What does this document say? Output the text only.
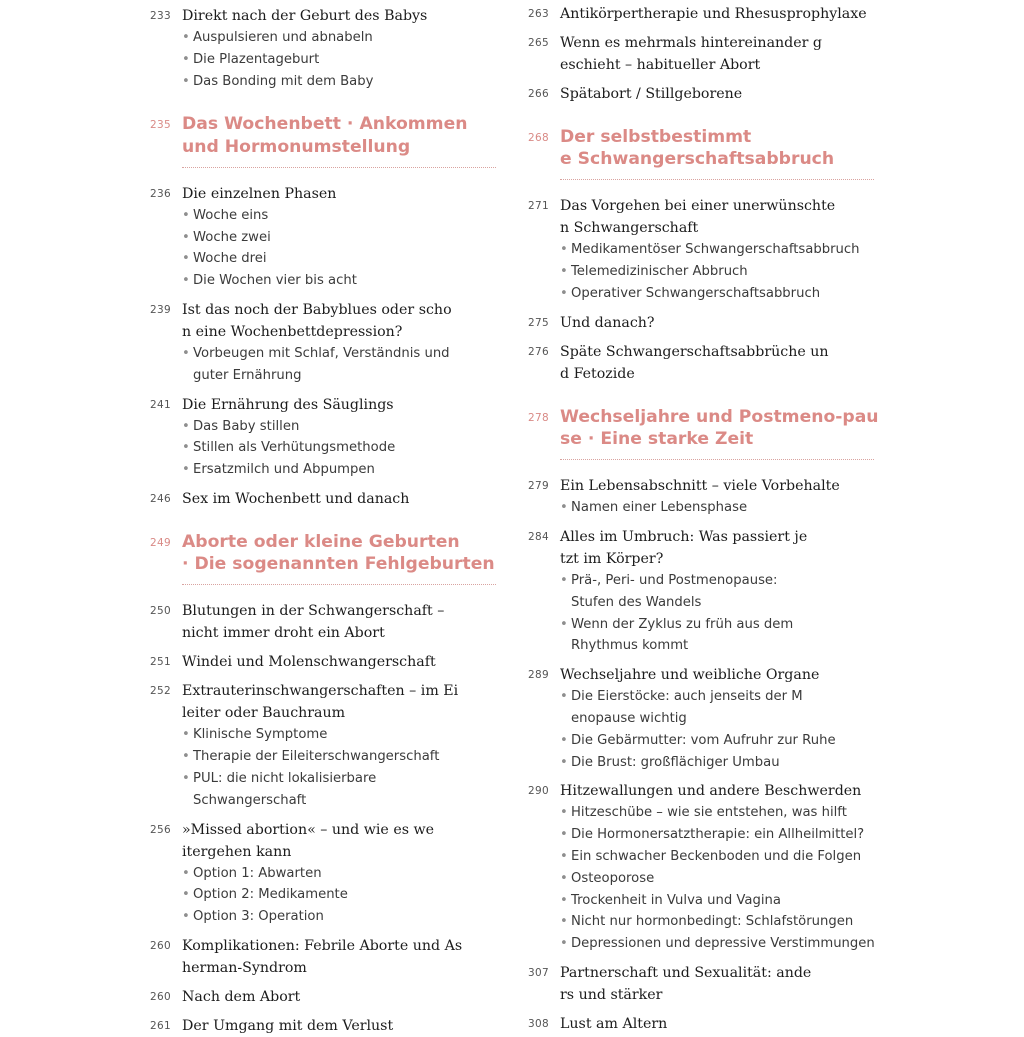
233 Direkt nach der Geburt des Babys
• Auspulsieren und abnabeln
• Die Plazentageburt
• Das Bonding mit dem Baby
235 Das Wochenbett · Ankommen
und Hormonumstellung
236 Die einzelnen Phasen
• Woche eins
• Woche zwei
• Woche drei
• Die Wochen vier bis acht
239 Ist das noch der Babyblues oder scho
n eine Wochenbettdepression?
• Vorbeugen mit Schlaf, Verständnis und
guter Ernährung
241 Die Ernährung des Säuglings
• Das Baby stillen
• Stillen als Verhütungsmethode
• Ersatzmilch und Abpumpen
246 Sex im Wochenbett und danach
249 Aborte oder kleine Geburten
· Die sogenannten Fehlgeburten
250 Blutungen in der Schwangerschaft –
nicht immer droht ein Abort
251 Windei und Molenschwangerschaft
252 Extrauterinschwangerschaften – im Ei
leiter oder Bauchraum
• Klinische Symptome
• Therapie der Eileiterschwangerschaft
• PUL: die nicht lokalisierbare
Schwangerschaft
256 »Missed abortion« – und wie es we
itergehen kann
• Option 1: Abwarten
• Option 2: Medikamente
• Option 3: Operation
260 Komplikationen: Febrile Aborte und As
herman-Syndrom
260 Nach dem Abort
261 Der Umgang mit dem Verlust
263 Antikörpertherapie und Rhesusprophylaxe
265 Wenn es mehrmals hintereinander g
eschieht – habitueller Abort
266 Spätabort / Stillgeborene
268 Der selbstbestimmt
e Schwangerschaftsabbruch
271 Das Vorgehen bei einer unerwünschte
n Schwangerschaft
• Medikamentöser Schwangerschaftsabbruch
• Telemedizinischer Abbruch
• Operativer Schwangerschaftsabbruch
275 Und danach?
276 Späte Schwangerschaftsabbrüche un
d Fetozide
278 Wechseljahre und Postmeno-pau
se · Eine starke Zeit
279 Ein Lebensabschnitt – viele Vorbehalte
• Namen einer Lebensphase
284 Alles im Umbruch: Was passiert je
tzt im Körper?
• Prä-, Peri- und Postmenopause:
Stufen des Wandels
• Wenn der Zyklus zu früh aus dem
Rhythmus kommt
289 Wechseljahre und weibliche Organe
• Die Eierstöcke: auch jenseits der M
enopause wichtig
• Die Gebärmutter: vom Aufruhr zur Ruhe
• Die Brust: großflächiger Umbau
290 Hitzewallungen und andere Beschwerden
• Hitzeschübe – wie sie entstehen, was hilft
• Die Hormonersatztherapie: ein Allheilmittel?
• Ein schwacher Beckenboden und die Folgen
• Osteoporose
• Trockenheit in Vulva und Vagina
• Nicht nur hormonbedingt: Schlafstörungen
• Depressionen und depressive Verstimmungen
307 Partnerschaft und Sexualität: ande
rs und stärker
308 Lust am Altern
